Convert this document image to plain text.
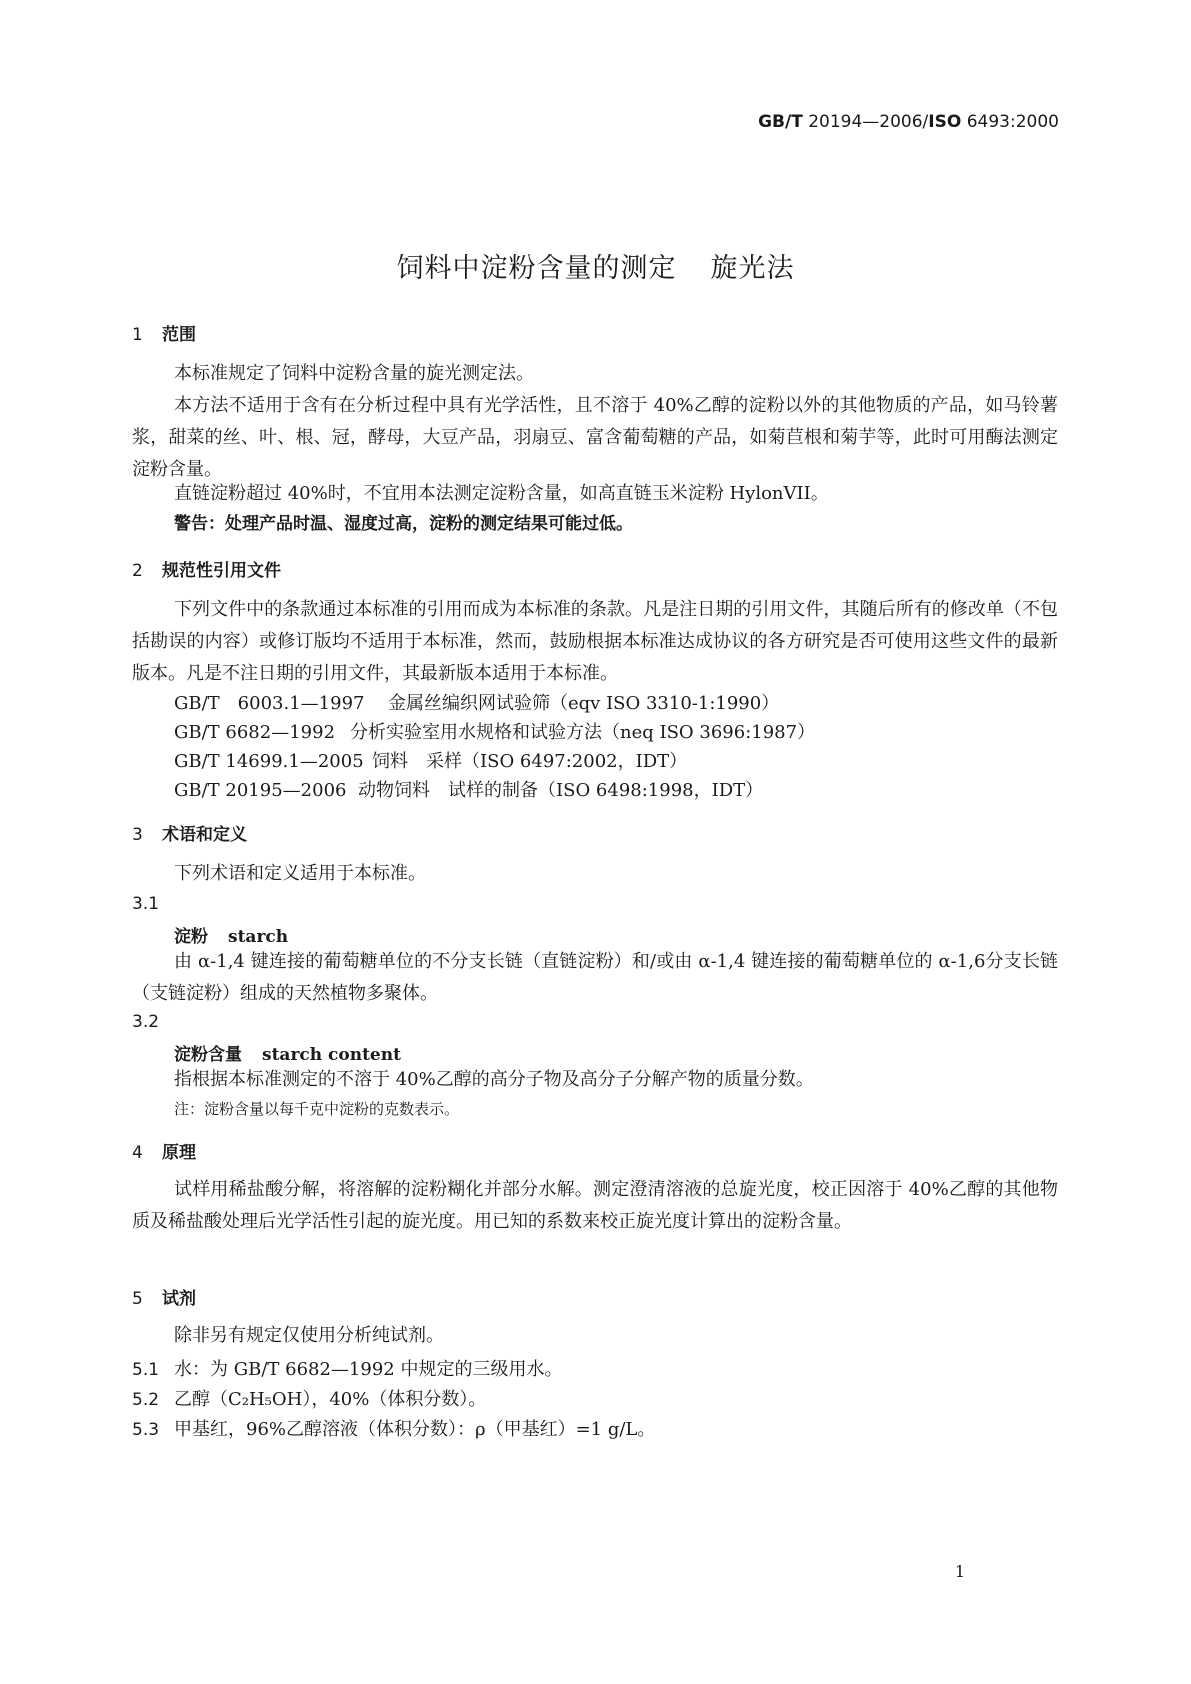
GB/T 20194—2006/ISO 6493:2000
饲料中淀粉含量的测定 旋光法
1 范围
本标准规定了饲料中淀粉含量的旋光测定法。
本方法不适用于含有在分析过程中具有光学活性，且不溶于 40%乙醇的淀粉以外的其他物质的产品，如马铃薯浆，甜菜的丝、叶、根、冠，酵母，大豆产品，羽扇豆、富含葡萄糖的产品，如菊苣根和菊芋等，此时可用酶法测定淀粉含量。
直链淀粉超过 40%时，不宜用本法测定淀粉含量，如高直链玉米淀粉 HylonVII。
警告：处理产品时温、湿度过高，淀粉的测定结果可能过低。
2 规范性引用文件
下列文件中的条款通过本标准的引用而成为本标准的条款。凡是注日期的引用文件，其随后所有的修改单（不包括勘误的内容）或修订版均不适用于本标准，然而，鼓励根据本标准达成协议的各方研究是否可使用这些文件的最新版本。凡是不注日期的引用文件，其最新版本适用于本标准。
GB/T　6003.1—1997 金属丝编织网试验筛（eqv ISO 3310-1:1990）
GB/T 6682—1992 分析实验室用水规格和试验方法（neq ISO 3696:1987）
GB/T 14699.1—2005 饲料　采样（ISO 6497:2002，IDT）
GB/T 20195—2006 动物饲料　试样的制备（ISO 6498:1998，IDT）
3 术语和定义
下列术语和定义适用于本标准。
3.1
淀粉 starch
由 α-1,4 键连接的葡萄糖单位的不分支长链（直链淀粉）和/或由 α-1,4 键连接的葡萄糖单位的 α-1,6分支长链（支链淀粉）组成的天然植物多聚体。
3.2
淀粉含量 starch content
指根据本标准测定的不溶于 40%乙醇的高分子物及高分子分解产物的质量分数。
注：淀粉含量以每千克中淀粉的克数表示。
4 原理
试样用稀盐酸分解，将溶解的淀粉糊化并部分水解。测定澄清溶液的总旋光度，校正因溶于 40%乙醇的其他物质及稀盐酸处理后光学活性引起的旋光度。用已知的系数来校正旋光度计算出的淀粉含量。
5 试剂
除非另有规定仅使用分析纯试剂。
5.1 水：为 GB/T 6682—1992 中规定的三级用水。
5.2 乙醇（C₂H₅OH），40%（体积分数）。
5.3 甲基红，96%乙醇溶液（体积分数）：ρ（甲基红）=1 g/L。
1
